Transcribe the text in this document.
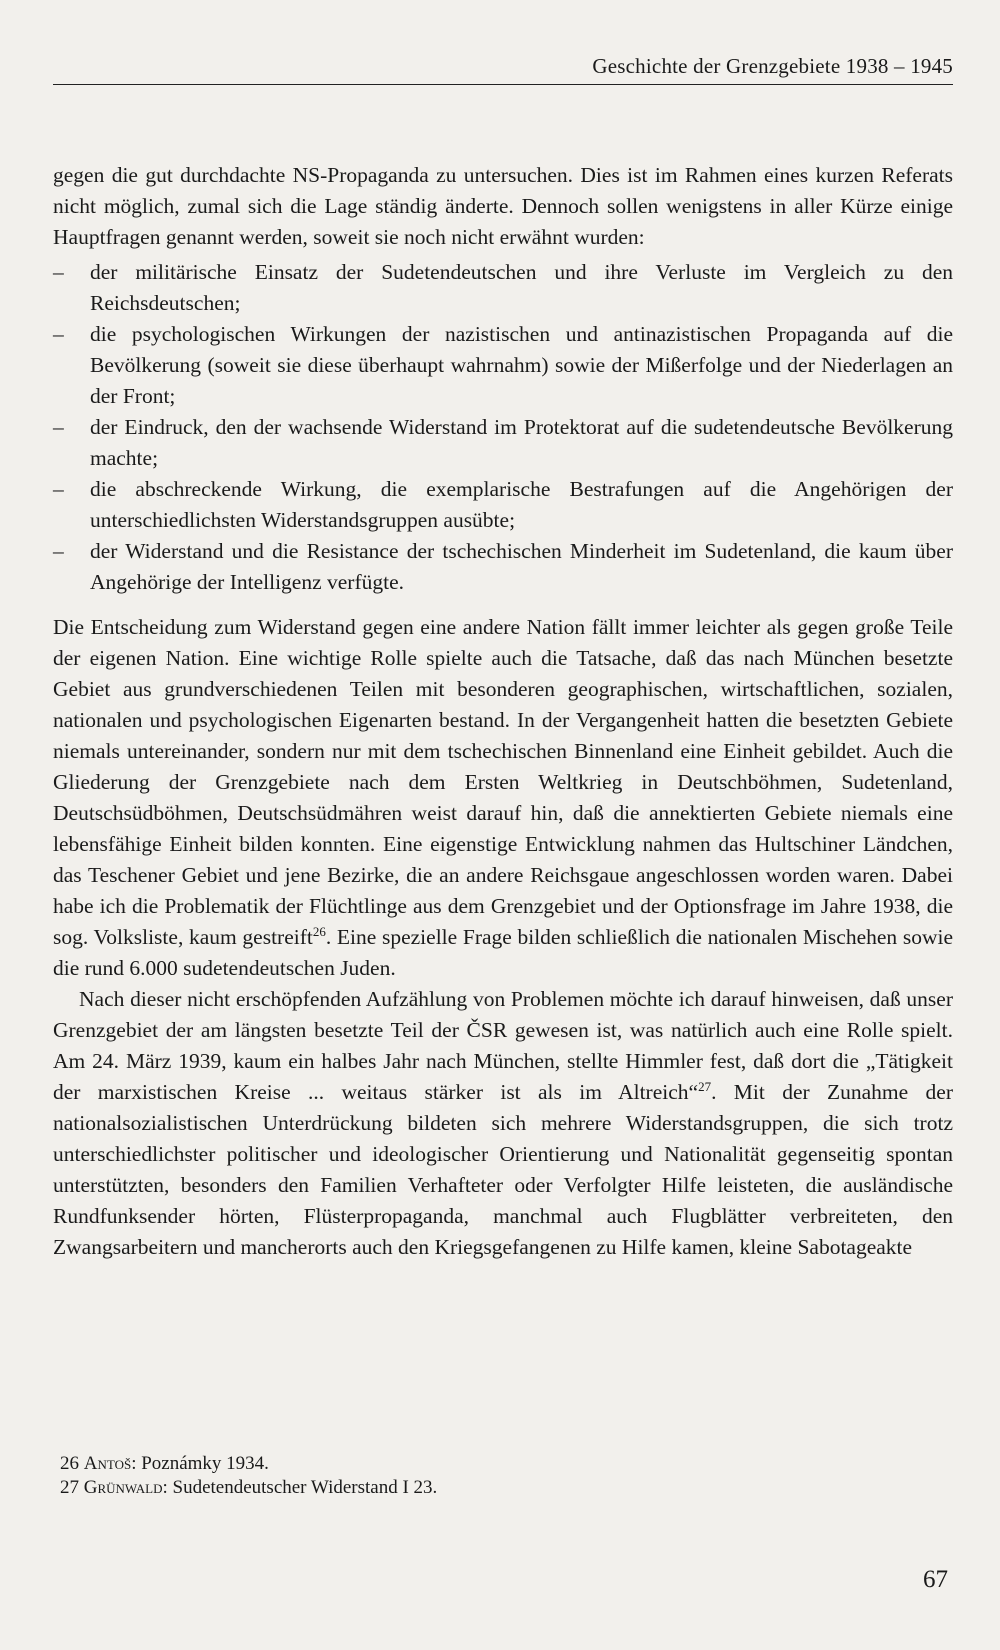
Geschichte der Grenzgebiete 1938 – 1945

gegen die gut durchdachte NS-Propaganda zu untersuchen. Dies ist im Rahmen eines kurzen Referats nicht möglich, zumal sich die Lage ständig änderte. Dennoch sollen wenigstens in aller Kürze einige Hauptfragen genannt werden, soweit sie noch nicht erwähnt wurden:

– der militärische Einsatz der Sudetendeutschen und ihre Verluste im Vergleich zu den Reichsdeutschen;
– die psychologischen Wirkungen der nazistischen und antinazistischen Propaganda auf die Bevölkerung (soweit sie diese überhaupt wahrnahm) sowie der Mißerfolge und der Niederlagen an der Front;
– der Eindruck, den der wachsende Widerstand im Protektorat auf die sudetendeutsche Bevölkerung machte;
– die abschreckende Wirkung, die exemplarische Bestrafungen auf die Angehörigen der unterschiedlichsten Widerstandsgruppen ausübte;
– der Widerstand und die Resistance der tschechischen Minderheit im Sudetenland, die kaum über Angehörige der Intelligenz verfügte.

Die Entscheidung zum Widerstand gegen eine andere Nation fällt immer leichter als gegen große Teile der eigenen Nation. Eine wichtige Rolle spielte auch die Tatsache, daß das nach München besetzte Gebiet aus grundverschiedenen Teilen mit besonderen geographischen, wirtschaftlichen, sozialen, nationalen und psychologischen Eigenarten bestand. In der Vergangenheit hatten die besetzten Gebiete niemals untereinander, sondern nur mit dem tschechischen Binnenland eine Einheit gebildet. Auch die Gliederung der Grenzgebiete nach dem Ersten Weltkrieg in Deutschböhmen, Sudetenland, Deutschsüdböhmen, Deutschsüdmähren weist darauf hin, daß die annektierten Gebiete niemals eine lebensfähige Einheit bilden konnten. Eine eigenstige Entwicklung nahmen das Hultschiner Ländchen, das Teschener Gebiet und jene Bezirke, die an andere Reichsgaue angeschlossen worden waren. Dabei habe ich die Problematik der Flüchtlinge aus dem Grenzgebiet und der Optionsfrage im Jahre 1938, die sog. Volksliste, kaum gestreift$^{26}$. Eine spezielle Frage bilden schließlich die nationalen Mischehen sowie die rund 6.000 sudetendeutschen Juden.

Nach dieser nicht erschöpfenden Aufzählung von Problemen möchte ich darauf hinweisen, daß unser Grenzgebiet der am längsten besetzte Teil der ČSR gewesen ist, was natürlich auch eine Rolle spielt. Am 24. März 1939, kaum ein halbes Jahr nach München, stellte Himmler fest, daß dort die „Tätigkeit der marxistischen Kreise ... weitaus stärker ist als im Altreich“$^{27}$. Mit der Zunahme der nationalsozialistischen Unterdrückung bildeten sich mehrere Widerstandsgruppen, die sich trotz unterschiedlichster politischer und ideologischer Orientierung und Nationalität gegenseitig spontan unterstützten, besonders den Familien Verhafteter oder Verfolgter Hilfe leisteten, die ausländische Rundfunksender hörten, Flüsterpropaganda, manchmal auch Flugblätter verbreiteten, den Zwangsarbeitern und mancherorts auch den Kriegsgefangenen zu Hilfe kamen, kleine Sabotageakte

26 Antoš: Poznámky 1934.
27 Grünwald: Sudetendeutscher Widerstand I 23.
67
